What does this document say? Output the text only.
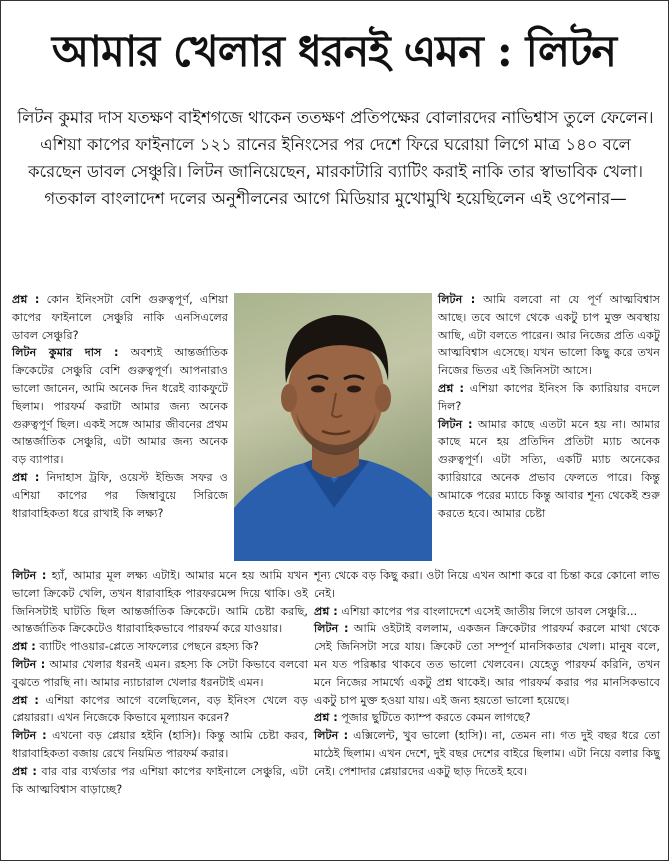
আমার খেলার ধরনই এমন : লিটন
লিটন কুমার দাস যতক্ষণ বাইশগজে থাকেন ততক্ষণ প্রতিপক্ষের বোলারদের নাভিশ্বাস তুলে ফেলেন। এশিয়া কাপের ফাইনালে ১২১ রানের ইনিংসের পর দেশে ফিরে ঘরোয়া লিগে মাত্র ১৪০ বলে করেছেন ডাবল সেঞ্চুরি। লিটন জানিয়েছেন, মারকাটারি ব্যাটিং করাই নাকি তার স্বাভাবিক খেলা। গতকাল বাংলাদেশ দলের অনুশীলনের আগে মিডিয়ার মুখোমুখি হয়েছিলেন এই ওপেনার—

প্রশ্ন : কোন ইনিংসটা বেশি গুরুত্বপূর্ণ, এশিয়া কাপের ফাইনালে সেঞ্চুরি নাকি এনসিএলের ডাবল সেঞ্চুরি?

লিটন কুমার দাস : অবশ্যই আন্তর্জাতিক ক্রিকেটের সেঞ্চুরি বেশি গুরুত্বপূর্ণ। আপনারাও ভালো জানেন, আমি অনেক দিন ধরেই ব্যাকফুটে ছিলাম। পারফর্ম করাটা আমার জন্য অনেক গুরুত্বপূর্ণ ছিল। একই সঙ্গে আমার জীবনের প্রথম আন্তর্জাতিক সেঞ্চুরি, এটা আমার জন্য অনেক বড় ব্যাপার।

প্রশ্ন : নিদাহাস ট্রফি, ওয়েস্ট ইন্ডিজ সফর ও এশিয়া কাপের পর জিম্বাবুয়ে সিরিজে ধারাবাহিকতা ধরে রাখাই কি লক্ষ্য?

লিটন : আমি বলবো না যে পূর্ণ আত্মবিশ্বাস আছে। তবে আগে থেকে একটু চাপ মুক্ত অবস্থায় আছি, এটা বলতে পারেন। আর নিজের প্রতি একটু আত্মবিশ্বাস এসেছে। যখন ভালো কিছু করে তখন নিজের ভিতর এই জিনিসটা আসে।

প্রশ্ন : এশিয়া কাপের ইনিংস কি ক্যারিয়ার বদলে দিল?

লিটন : আমার কাছে এতটা মনে হয় না। আমার কাছে মনে হয় প্রতিদিন প্রতিটা ম্যাচ অনেক গুরুত্বপূর্ণ। এটা সত্যি, একটি ম্যাচ অনেকের ক্যারিয়ারে অনেক প্রভাব ফেলতে পারে। কিন্তু আমাকে পরের ম্যাচে কিন্তু আবার শূন্য থেকেই শুরু করতে হবে। আমার চেষ্টা

লিটন : হ্যাঁ, আমার মূল লক্ষ্য এটাই। আমার মনে হয় আমি যখন ভালো ক্রিকেট খেলি, তখন ধারাবাহিক পারফরমেন্স দিয়ে থাকি। ওই জিনিসটাই ঘাটতি ছিল আন্তর্জাতিক ক্রিকেটে। আমি চেষ্টা করছি, আন্তর্জাতিক ক্রিকেটেও ধারাবাহিকভাবে পারফর্ম করে যাওয়ার।

প্রশ্ন : ব্যাটিং পাওয়ার-প্লেতে সাফল্যের পেছনে রহস্য কি?

লিটন : আমার খেলার ধরনই এমন। রহস্য কি সেটা কিভাবে বলবো বুঝতে পারছি না। আমার ন্যাচারাল খেলার ধরনটাই এমন।

প্রশ্ন : এশিয়া কাপের আগে বলেছিলেন, বড় ইনিংস খেলে বড় প্লেয়াররা। এখন নিজেকে কিভাবে মূল্যায়ন করেন?

লিটন : এখনো বড় প্লেয়ার হইনি (হাসি)। কিন্তু আমি চেষ্টা করব, ধারাবাহিকতা বজায় রেখে নিয়মিত পারফর্ম করার।

প্রশ্ন : বার বার ব্যর্থতার পর এশিয়া কাপের ফাইনালে সেঞ্চুরি, এটা কি আত্মবিশ্বাস বাড়াচ্ছে?

শূন্য থেকে বড় কিছু করা। ওটা নিয়ে এখন আশা করে বা চিন্তা করে কোনো লাভ নেই।

প্রশ্ন : এশিয়া কাপের পর বাংলাদেশে এসেই জাতীয় লিগে ডাবল সেঞ্চুরি...

লিটন : আমি ওইটাই বললাম, একজন ক্রিকেটার পারফর্ম করলে মাথা থেকে সেই জিনিসটা সরে যায়। ক্রিকেট তো সম্পূর্ণ মানসিকতার খেলা। মানুষ বলে, মন যত পরিষ্কার থাকবে তত ভালো খেলবেন। যেহেতু পারফর্ম করিনি, তখন মনে নিজের সামর্থ্যে একটু প্রশ্ন থাকেই। আর পারফর্ম করার পর মানসিকভাবে একটু চাপ মুক্ত হওয়া যায়। এই জন্য হয়তো ভালো হয়েছে।

প্রশ্ন : পূজার ছুটিতে ক্যাম্প করতে কেমন লাগছে?

লিটন : এক্সিলেন্ট, খুব ভালো (হাসি)। না, তেমন না। গত দুই বছর ধরে তো মাঠেই ছিলাম। এখন দেশে, দুই বছর দেশের বাইরে ছিলাম। এটা নিয়ে বলার কিছু নেই। পেশাদার প্লেয়ারদের একটু ছাড় দিতেই হবে।
